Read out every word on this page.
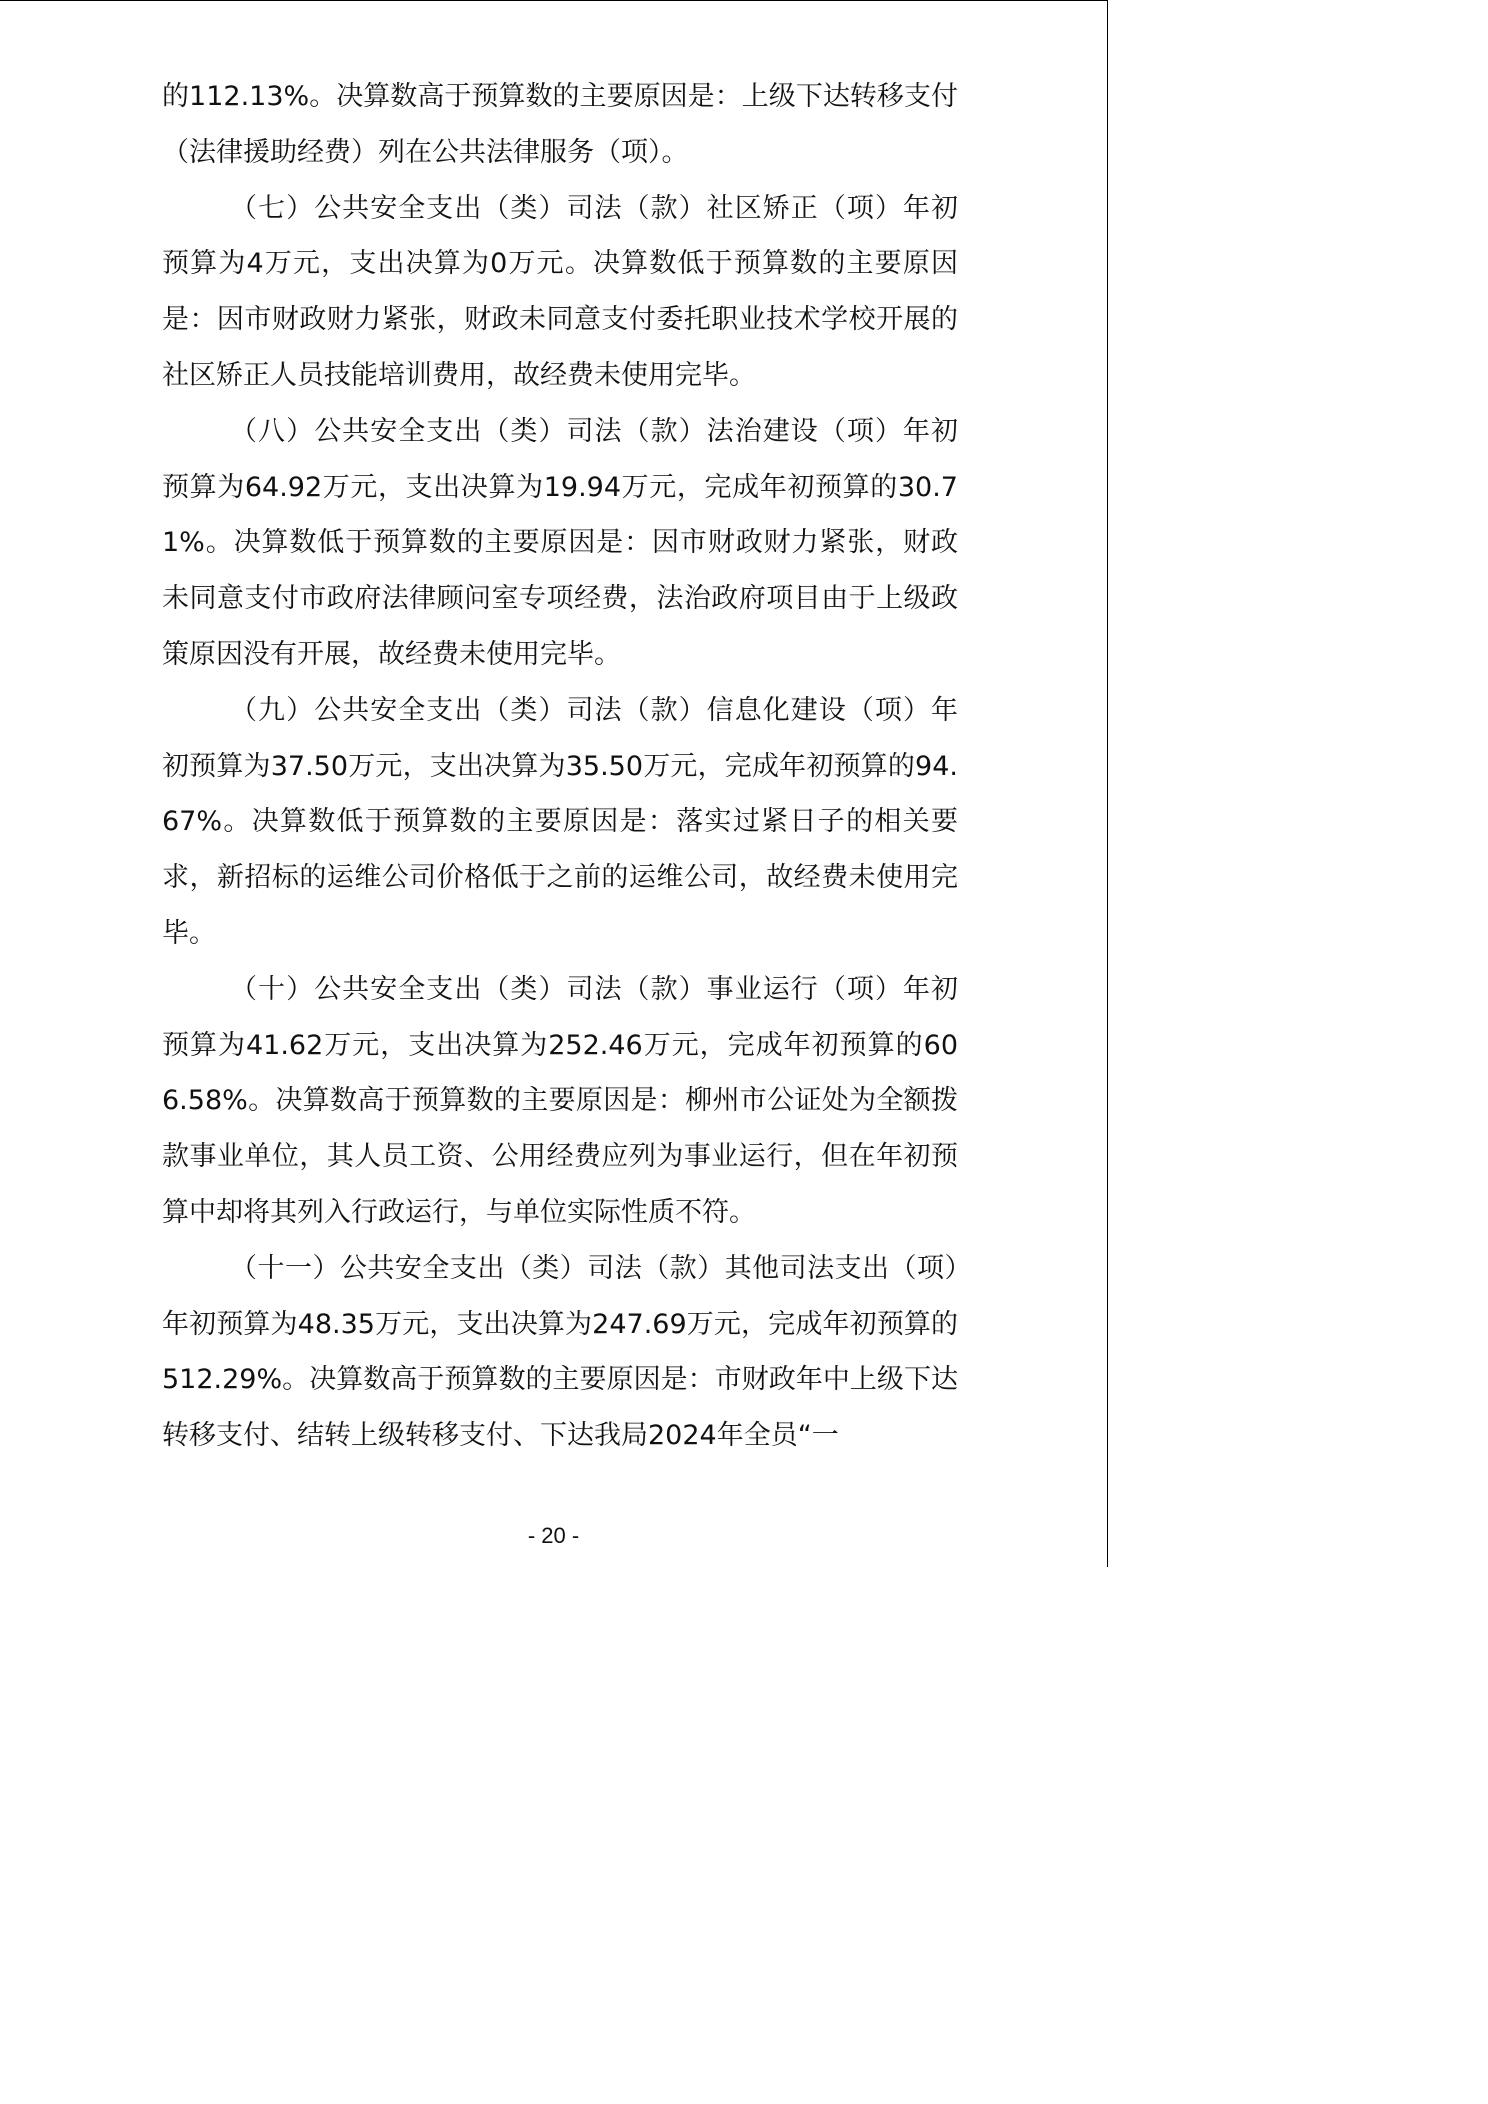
的112.13%。决算数高于预算数的主要原因是：上级下达转移支付（法律援助经费）列在公共法律服务（项）。

（七）公共安全支出（类）司法（款）社区矫正（项）年初预算为4万元，支出决算为0万元。决算数低于预算数的主要原因是：因市财政财力紧张，财政未同意支付委托职业技术学校开展的社区矫正人员技能培训费用，故经费未使用完毕。

（八）公共安全支出（类）司法（款）法治建设（项）年初预算为64.92万元，支出决算为19.94万元，完成年初预算的30.71%。决算数低于预算数的主要原因是：因市财政财力紧张，财政未同意支付市政府法律顾问室专项经费，法治政府项目由于上级政策原因没有开展，故经费未使用完毕。

（九）公共安全支出（类）司法（款）信息化建设（项）年初预算为37.50万元，支出决算为35.50万元，完成年初预算的94.67%。决算数低于预算数的主要原因是：落实过紧日子的相关要求，新招标的运维公司价格低于之前的运维公司，故经费未使用完毕。

（十）公共安全支出（类）司法（款）事业运行（项）年初预算为41.62万元，支出决算为252.46万元，完成年初预算的606.58%。决算数高于预算数的主要原因是：柳州市公证处为全额拨款事业单位，其人员工资、公用经费应列为事业运行，但在年初预算中却将其列入行政运行，与单位实际性质不符。

（十一）公共安全支出（类）司法（款）其他司法支出（项）年初预算为48.35万元，支出决算为247.69万元，完成年初预算的512.29%。决算数高于预算数的主要原因是：市财政年中上级下达转移支付、结转上级转移支付、下达我局2024年全员“一

- 20 -
